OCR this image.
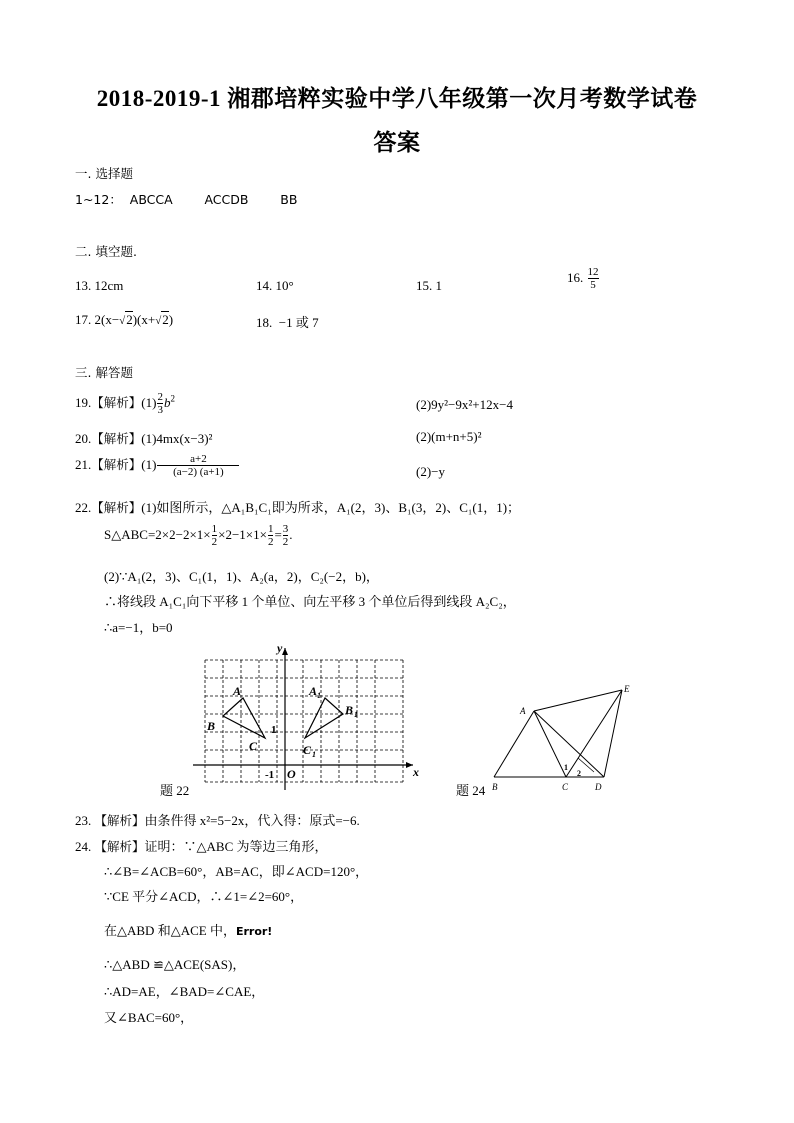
2018-2019-1 湘郡培粹实验中学八年级第一次月考数学试卷
答案
一. 选择题
1~12：  ABCCA        ACCDB        BB
二. 填空题.
13. 12cm	14. 10°	15. 1
16. $\frac{12}{5}$
17. 2(x−√2)(x+√2)	18.  −1 或 7
三. 解答题
19.【解析】$(1) \frac{2}{3} b^2$	(2)9y²−9x²+12x−4
20.【解析】(1)4mx(x−3)²	(2)(m+n+5)²
21.【解析】$(1) \frac{a+2}{(a-2) (a+1)}$	(2)−y
22.【解析】(1)如图所示，△A₁B₁C₁即为所求，A₁(2，3)、B₁(3，2)、C₁(1，1)；
S△ABC=2×2−2×1× $\frac{1}{2} \times 2-1\times 1\times \frac{1}{2} = \frac{3}{2}$ .
(2)∵A₁(2，3)、C₁(1，1)、A₂(a，2)，C₂(−2，b)，
∴将线段 A₁C₁向下平移 1 个单位、向左平移 3 个单位后得到线段 A₂C₂，
∴a=−1，b=0
A
B
C
A
B
C
y
x
O
1
1
1
-1
1
题 22
A
B	C	D
E
1
2
题 24
23. 【解析】由条件得 x²=5−2x，代入得：原式=−6.
24. 【解析】证明：∵△ABC 为等边三角形，
∴∠B=∠ACB=60°，AB=AC，即∠ACD=120°，
∵CE 平分∠ACD，∴∠1=∠2=60°，
在△ABD 和△ACE 中，Error!
∴△ABD ≌△ACE(SAS)，
∴AD=AE，∠BAD=∠CAE，
又∠BAC=60°，
